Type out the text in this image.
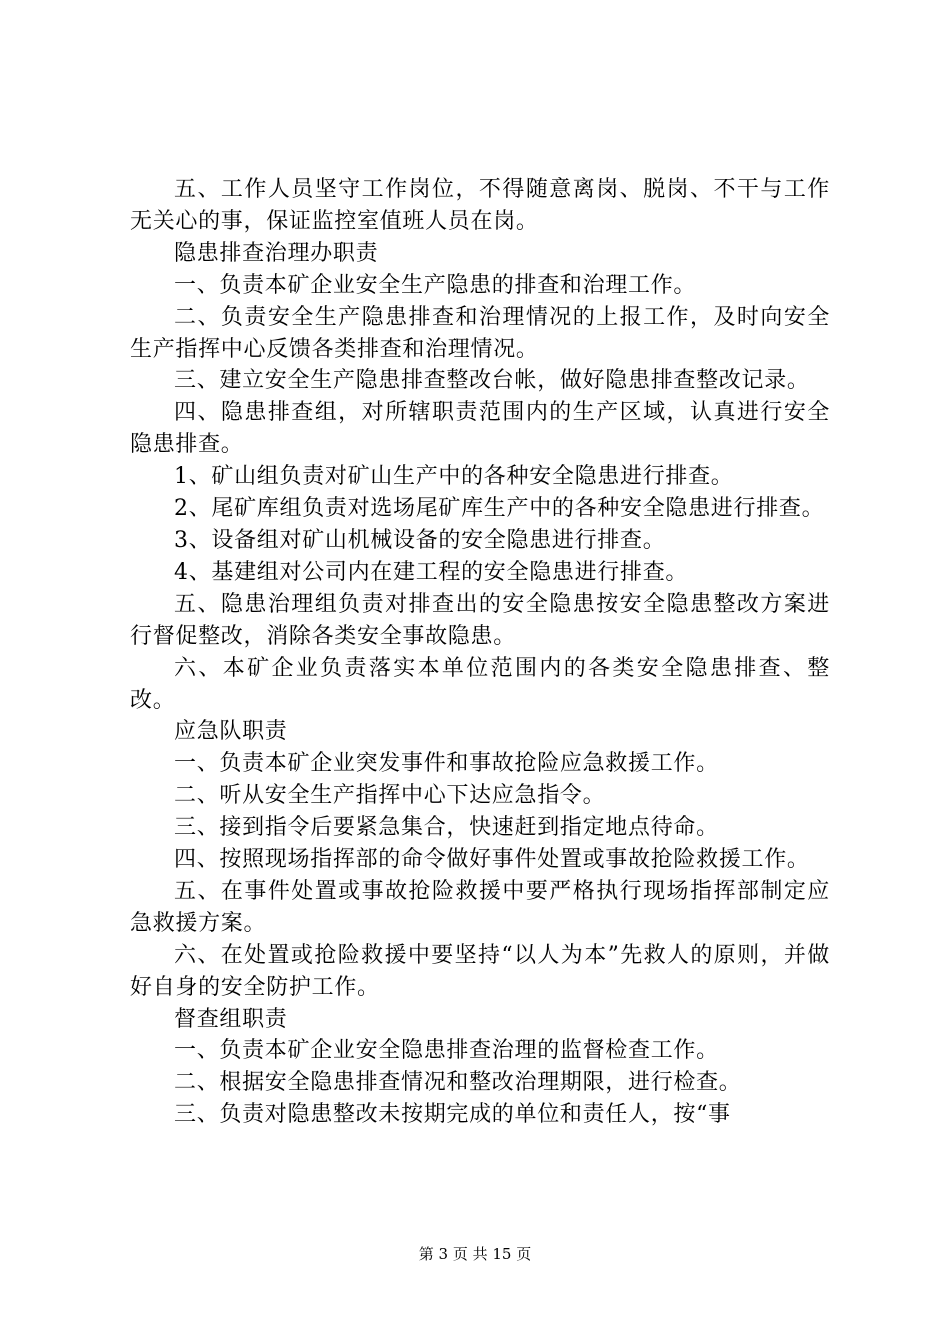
五、工作人员坚守工作岗位，不得随意离岗、脱岗、不干与工作无关心的事，保证监控室值班人员在岗。

隐患排查治理办职责

一、负责本矿企业安全生产隐患的排查和治理工作。

二、负责安全生产隐患排查和治理情况的上报工作，及时向安全生产指挥中心反馈各类排查和治理情况。

三、建立安全生产隐患排查整改台帐，做好隐患排查整改记录。

四、隐患排查组，对所辖职责范围内的生产区域，认真进行安全隐患排查。

1、矿山组负责对矿山生产中的各种安全隐患进行排查。

2、尾矿库组负责对选场尾矿库生产中的各种安全隐患进行排查。

3、设备组对矿山机械设备的安全隐患进行排查。

4、基建组对公司内在建工程的安全隐患进行排查。

五、隐患治理组负责对排查出的安全隐患按安全隐患整改方案进行督促整改，消除各类安全事故隐患。

六、本矿企业负责落实本单位范围内的各类安全隐患排查、整改。

应急队职责

一、负责本矿企业突发事件和事故抢险应急救援工作。

二、听从安全生产指挥中心下达应急指令。

三、接到指令后要紧急集合，快速赶到指定地点待命。

四、按照现场指挥部的命令做好事件处置或事故抢险救援工作。

五、在事件处置或事故抢险救援中要严格执行现场指挥部制定应急救援方案。

六、在处置或抢险救援中要坚持“以人为本”先救人的原则，并做好自身的安全防护工作。

督查组职责

一、负责本矿企业安全隐患排查治理的监督检查工作。

二、根据安全隐患排查情况和整改治理期限，进行检查。

三、负责对隐患整改未按期完成的单位和责任人，按“事

第 3 页 共 15 页
